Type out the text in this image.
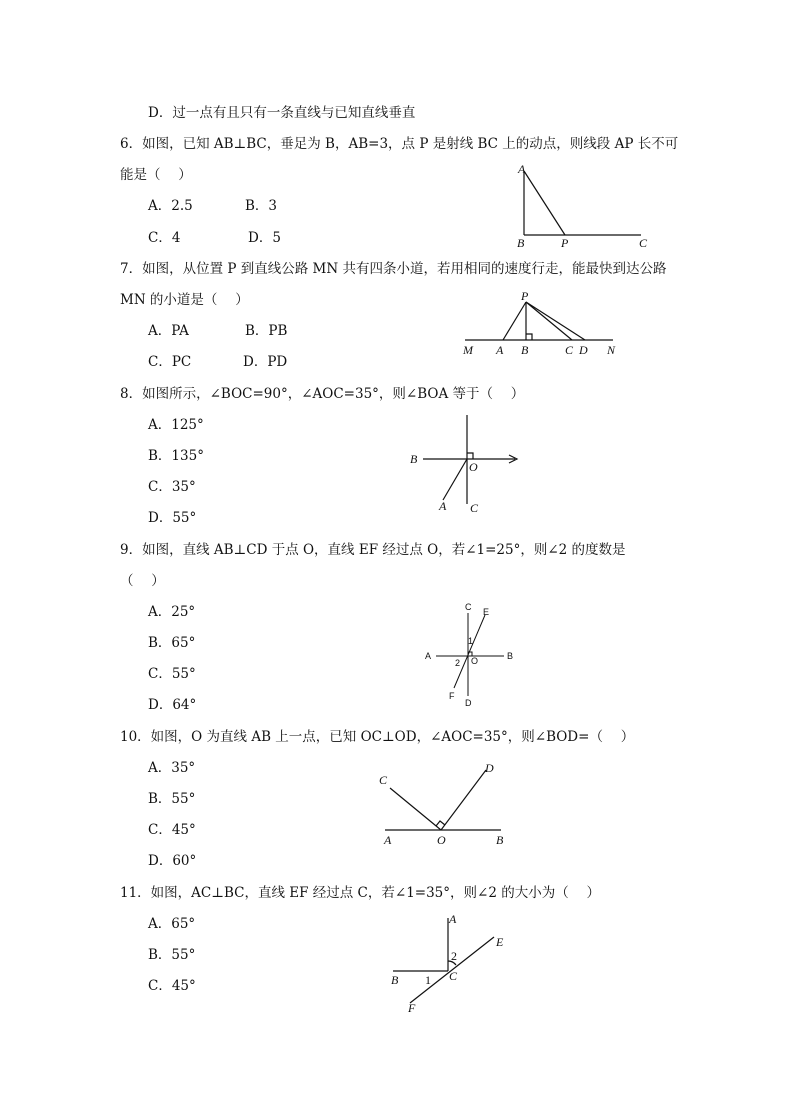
D．过一点有且只有一条直线与已知直线垂直
6．如图，已知 AB⊥BC，垂足为 B，AB=3，点 P 是射线 BC 上的动点，则线段 AP 长不可
能是（　 ）
A．2.5	B．3
C．4	D．5
A
B	P	C
7．如图，从位置 P 到直线公路 MN 共有四条小道，若用相同的速度行走，能最快到达公路
MN 的小道是（　 ）
A．PA	B．PB
C．PC	D．PD
P
M A B	C D N
8．如图所示，∠BOC=90°，∠AOC=35°，则∠BOA 等于（　 ）
A．125°
B．135°
C．35°
D．55°
B
O
A C
9．如图，直线 AB⊥CD 于点 O，直线 EF 经过点 O，若∠1=25°，则∠2 的度数是
（　 ）
A．25°
B．65°
C．55°
D．64°
C E
A	B
O
F
D
1
2
10．如图，O 为直线 AB 上一点，已知 OC⊥OD，∠AOC=35°，则∠BOD=（　 ）
A．35°
B．55°
C．45°
D．60°
C
D
A	O	B
11．如图，AC⊥BC，直线 EF 经过点 C，若∠1=35°，则∠2 的大小为（　 ）
A．65°
B．55°
C．45°
A
E
B	C
F
1
2
